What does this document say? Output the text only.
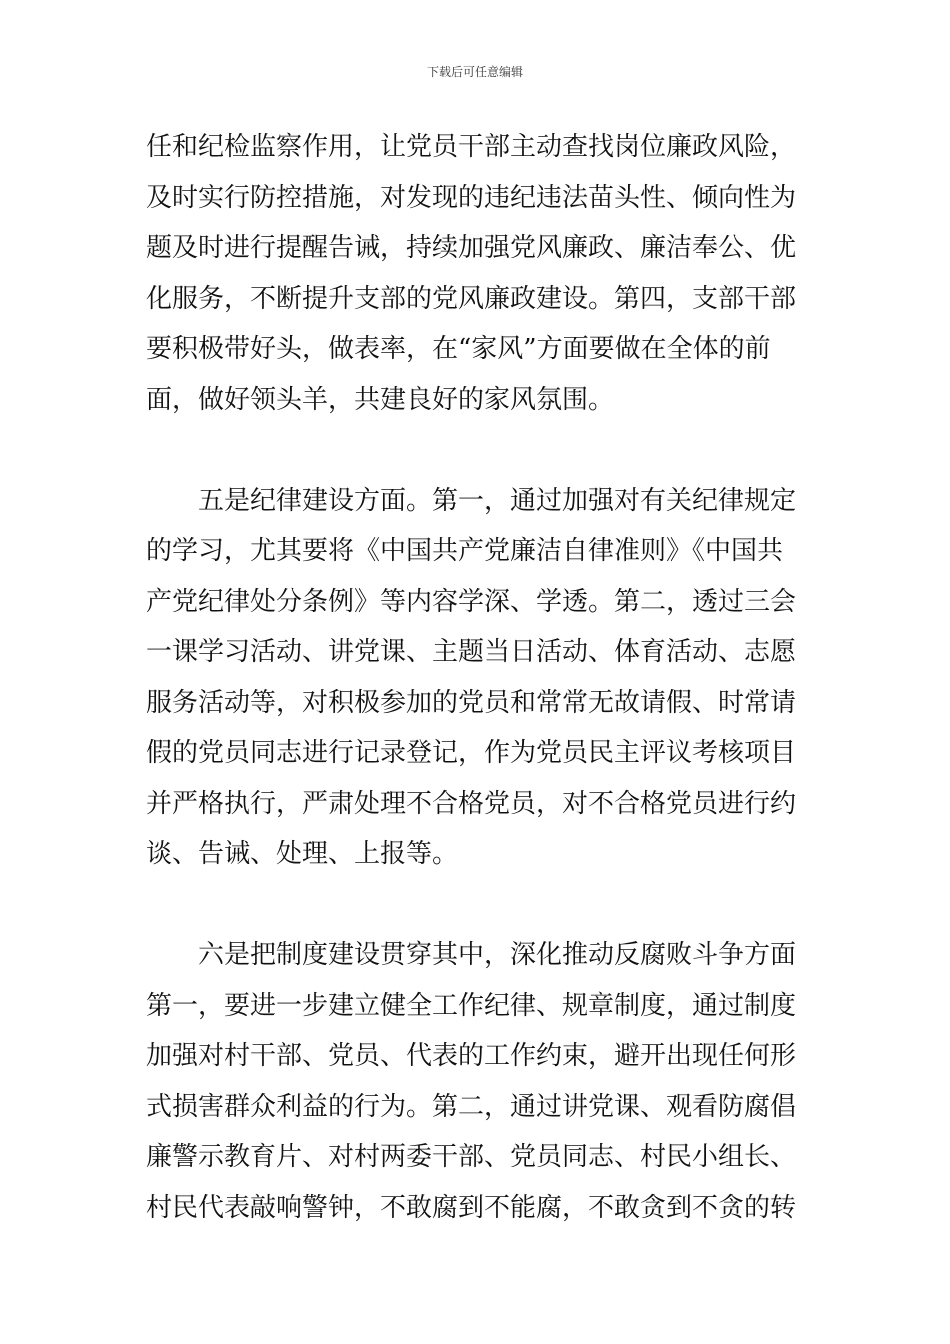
下载后可任意编辑
任和纪检监察作用，让党员干部主动查找岗位廉政风险，
及时实行防控措施，对发现的违纪违法苗头性、倾向性为
题及时进行提醒告诫，持续加强党风廉政、廉洁奉公、优
化服务，不断提升支部的党风廉政建设。第四，支部干部
要积极带好头，做表率，在“家风”方面要做在全体的前
面，做好领头羊，共建良好的家风氛围。
五是纪律建设方面。第一，通过加强对有关纪律规定
的学习，尤其要将《中国共产党廉洁自律准则》《中国共
产党纪律处分条例》等内容学深、学透。第二，透过三会
一课学习活动、讲党课、主题当日活动、体育活动、志愿
服务活动等，对积极参加的党员和常常无故请假、时常请
假的党员同志进行记录登记，作为党员民主评议考核项目
并严格执行，严肃处理不合格党员，对不合格党员进行约
谈、告诫、处理、上报等。
六是把制度建设贯穿其中，深化推动反腐败斗争方面
第一，要进一步建立健全工作纪律、规章制度，通过制度
加强对村干部、党员、代表的工作约束，避开出现任何形
式损害群众利益的行为。第二，通过讲党课、观看防腐倡
廉警示教育片、对村两委干部、党员同志、村民小组长、
村民代表敲响警钟，不敢腐到不能腐，不敢贪到不贪的转
